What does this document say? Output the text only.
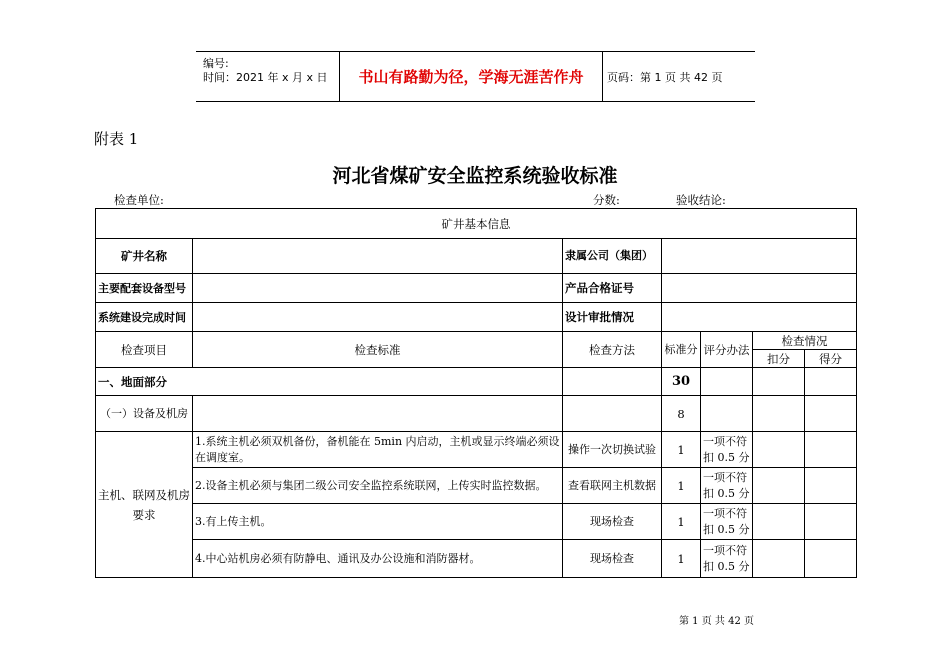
编号:
时间：2021 年 x 月 x 日	书山有路勤为径，学海无涯苦作舟	页码：第 1 页 共 42 页
附表 1
河北省煤矿安全监控系统验收标准
检查单位:	分数:	验收结论:
矿井基本信息						
矿井名称		隶属公司（集团）				
主要配套设备型号		产品合格证号				
系统建设完成时间		设计审批情况				
检查项目	检查标准	检查方法	标准分	评分办法	检查情况	
					扣分	得分
一、地面部分			30			
（一）设备及机房			8			
主机、联网及机房要求	1.系统主机必须双机备份，备机能在 5min 内启动，主机或显示终端必须设在调度室。	操作一次切换试验	1	一项不符扣 0.5 分		
	2.设备主机必须与集团二级公司安全监控系统联网，上传实时监控数据。	查看联网主机数据	1	一项不符扣 0.5 分		
	3.有上传主机。	现场检查	1	一项不符扣 0.5 分		
	4.中心站机房必须有防静电、通讯及办公设施和消防器材。	现场检查	1	一项不符扣 0.5 分		
第 1 页 共 42 页
